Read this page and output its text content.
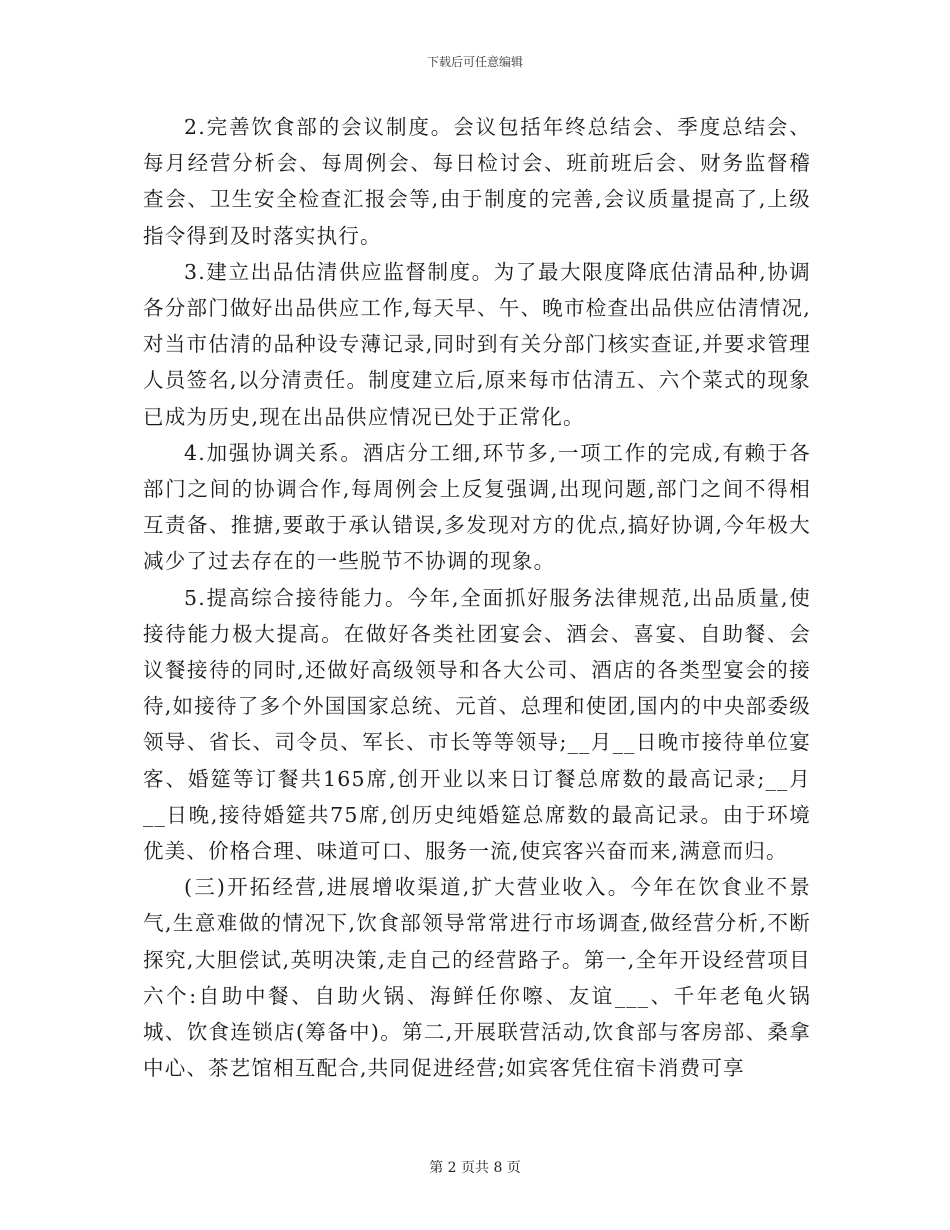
下载后可任意编辑

2.完善饮食部的会议制度。会议包括年终总结会、季度总结会、每月经营分析会、每周例会、每日检讨会、班前班后会、财务监督稽查会、卫生安全检查汇报会等,由于制度的完善,会议质量提高了,上级指令得到及时落实执行。

3.建立出品估清供应监督制度。为了最大限度降底估清品种,协调各分部门做好出品供应工作,每天早、午、晚市检查出品供应估清情况,对当市估清的品种设专薄记录,同时到有关分部门核实查证,并要求管理人员签名,以分清责任。制度建立后,原来每市估清五、六个菜式的现象已成为历史,现在出品供应情况已处于正常化。

4.加强协调关系。酒店分工细,环节多,一项工作的完成,有赖于各部门之间的协调合作,每周例会上反复强调,出现问题,部门之间不得相互责备、推搪,要敢于承认错误,多发现对方的优点,搞好协调,今年极大减少了过去存在的一些脱节不协调的现象。

5.提高综合接待能力。今年,全面抓好服务法律规范,出品质量,使接待能力极大提高。在做好各类社团宴会、酒会、喜宴、自助餐、会议餐接待的同时,还做好高级领导和各大公司、酒店的各类型宴会的接待,如接待了多个外国国家总统、元首、总理和使团,国内的中央部委级领导、省长、司令员、军长、市长等等领导;__月__日晚市接待单位宴客、婚筵等订餐共165席,创开业以来日订餐总席数的最高记录;__月__日晚,接待婚筵共75席,创历史纯婚筵总席数的最高记录。由于环境优美、价格合理、味道可口、服务一流,使宾客兴奋而来,满意而归。

(三)开拓经营,进展增收渠道,扩大营业收入。今年在饮食业不景气,生意难做的情况下,饮食部领导常常进行市场调查,做经营分析,不断探究,大胆偿试,英明决策,走自己的经营路子。第一,全年开设经营项目六个:自助中餐、自助火锅、海鲜任你嚓、友谊___、千年老龟火锅城、饮食连锁店(筹备中)。第二,开展联营活动,饮食部与客房部、桑拿中心、茶艺馆相互配合,共同促进经营;如宾客凭住宿卡消费可享

第 2 页共 8 页
